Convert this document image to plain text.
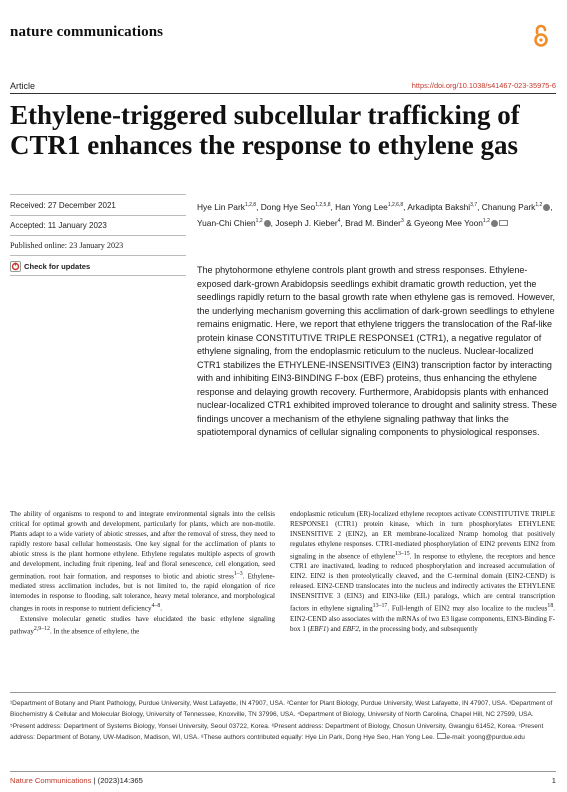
nature communications
Article	https://doi.org/10.1038/s41467-023-35975-6
Ethylene-triggered subcellular trafficking of CTR1 enhances the response to ethylene gas
Received: 27 December 2021
Accepted: 11 January 2023
Published online: 23 January 2023
Check for updates
Hye Lin Park$^{1,2,8}$, Dong Hye Seo$^{1,2,5,8}$, Han Yong Lee$^{1,2,6,8}$, Arkadipta Bakshi$^{3,7}$, Chanung Park$^{1,2}$ , Yuan-Chi Chien$^{1,2}$ , Joseph J. Kieber$^4$, Brad M. Binder$^3$ & Gyeong Mee Yoon$^{1,2}$
The phytohormone ethylene controls plant growth and stress responses. Ethylene-exposed dark-grown Arabidopsis seedlings exhibit dramatic growth reduction, yet the seedlings rapidly return to the basal growth rate when ethylene gas is removed. However, the underlying mechanism governing this acclimation of dark-grown seedlings to ethylene remains enigmatic. Here, we report that ethylene triggers the translocation of the Raf-like protein kinase CONSTITUTIVE TRIPLE RESPONSE1 (CTR1), a negative regulator of ethylene signaling, from the endoplasmic reticulum to the nucleus. Nuclear-localized CTR1 stabilizes the ETHYLENE-INSENSITIVE3 (EIN3) transcription factor by interacting with and inhibiting EIN3-BINDING F-box (EBF) proteins, thus enhancing the ethylene response and delaying growth recovery. Furthermore, Arabidopsis plants with enhanced nuclear-localized CTR1 exhibited improved tolerance to drought and salinity stress. These findings uncover a mechanism of the ethylene signaling pathway that links the spatiotemporal dynamics of cellular signaling components to physiological responses.

The ability of organisms to respond to and integrate environmental signals into the cellsis critical for optimal growth and development, particularly for plants, which are non-motile. Plants adapt to a wide variety of abiotic stresses, and after the removal of stress, they need to rapidly restore basal cellular homeostasis. One key signal for the acclimation of plants to abiotic stress is the plant hormone ethylene. Ethylene regulates multiple aspects of growth and development, including fruit ripening, leaf and floral senescence, cell elongation, seed germination, root hair formation, and responses to biotic and abiotic stress$^{1-3}$. Ethylene-mediated stress acclimation includes, but is not limited to, the rapid elongation of rice internodes in response to flooding, salt tolerance, heavy metal tolerance, and morphological changes in roots in response to nutrient deficiency$^{4-8}$.

Extensive molecular genetic studies have elucidated the basic ethylene signaling pathway$^{2,9-12}$. In the absence of ethylene, the

endoplasmic reticulum (ER)-localized ethylene receptors activate CONSTITUTIVE TRIPLE RESPONSE1 (CTR1) protein kinase, which in turn phosphorylates ETHYLENE INSENSITIVE 2 (EIN2), an ER membrane-localized Nramp homolog that positively regulates ethylene responses. CTR1-mediated phosphorylation of EIN2 prevents EIN2 from signaling in the absence of ethylene$^{13-15}$. In response to ethylene, the receptors and hence CTR1 are inactivated, leading to reduced phosphorylation and increased accumulation of EIN2. EIN2 is then proteolytically cleaved, and the C-terminal domain (EIN2-CEND) is released. EIN2-CEND translocates into the nucleus and indirectly activates the ETHYLENE INSENSITIVE 3 (EIN3) and EIN3-like (EIL) paralogs, which are central transcription factors in ethylene signaling$^{13-17}$. Full-length of EIN2 may also localize to the nucleus$^{18}$. EIN2-CEND also associates with the mRNAs of two E3 ligase components, EIN3-Binding F-box 1 (EBF1) and EBF2, in the processing body, and subsequently

¹Department of Botany and Plant Pathology, Purdue University, West Lafayette, IN 47907, USA. ²Center for Plant Biology, Purdue University, West Lafayette, IN 47907, USA. ³Department of Biochemistry & Cellular and Molecular Biology, University of Tennessee, Knoxville, TN 37996, USA. ⁴Department of Biology, University of North Carolina, Chapel Hill, NC 27599, USA. ⁵Present address: Department of Systems Biology, Yonsei University, Seoul 03722, Korea. ⁶Present address: Department of Biology, Chosun University, Gwangju 61452, Korea. ⁷Present address: Department of Botany, UW-Madison, Madison, WI, USA. ⁸These authors contributed equally: Hye Lin Park, Dong Hye Seo, Han Yong Lee. e-mail: yoong@purdue.edu
Nature Communications | (2023)14:365	1
